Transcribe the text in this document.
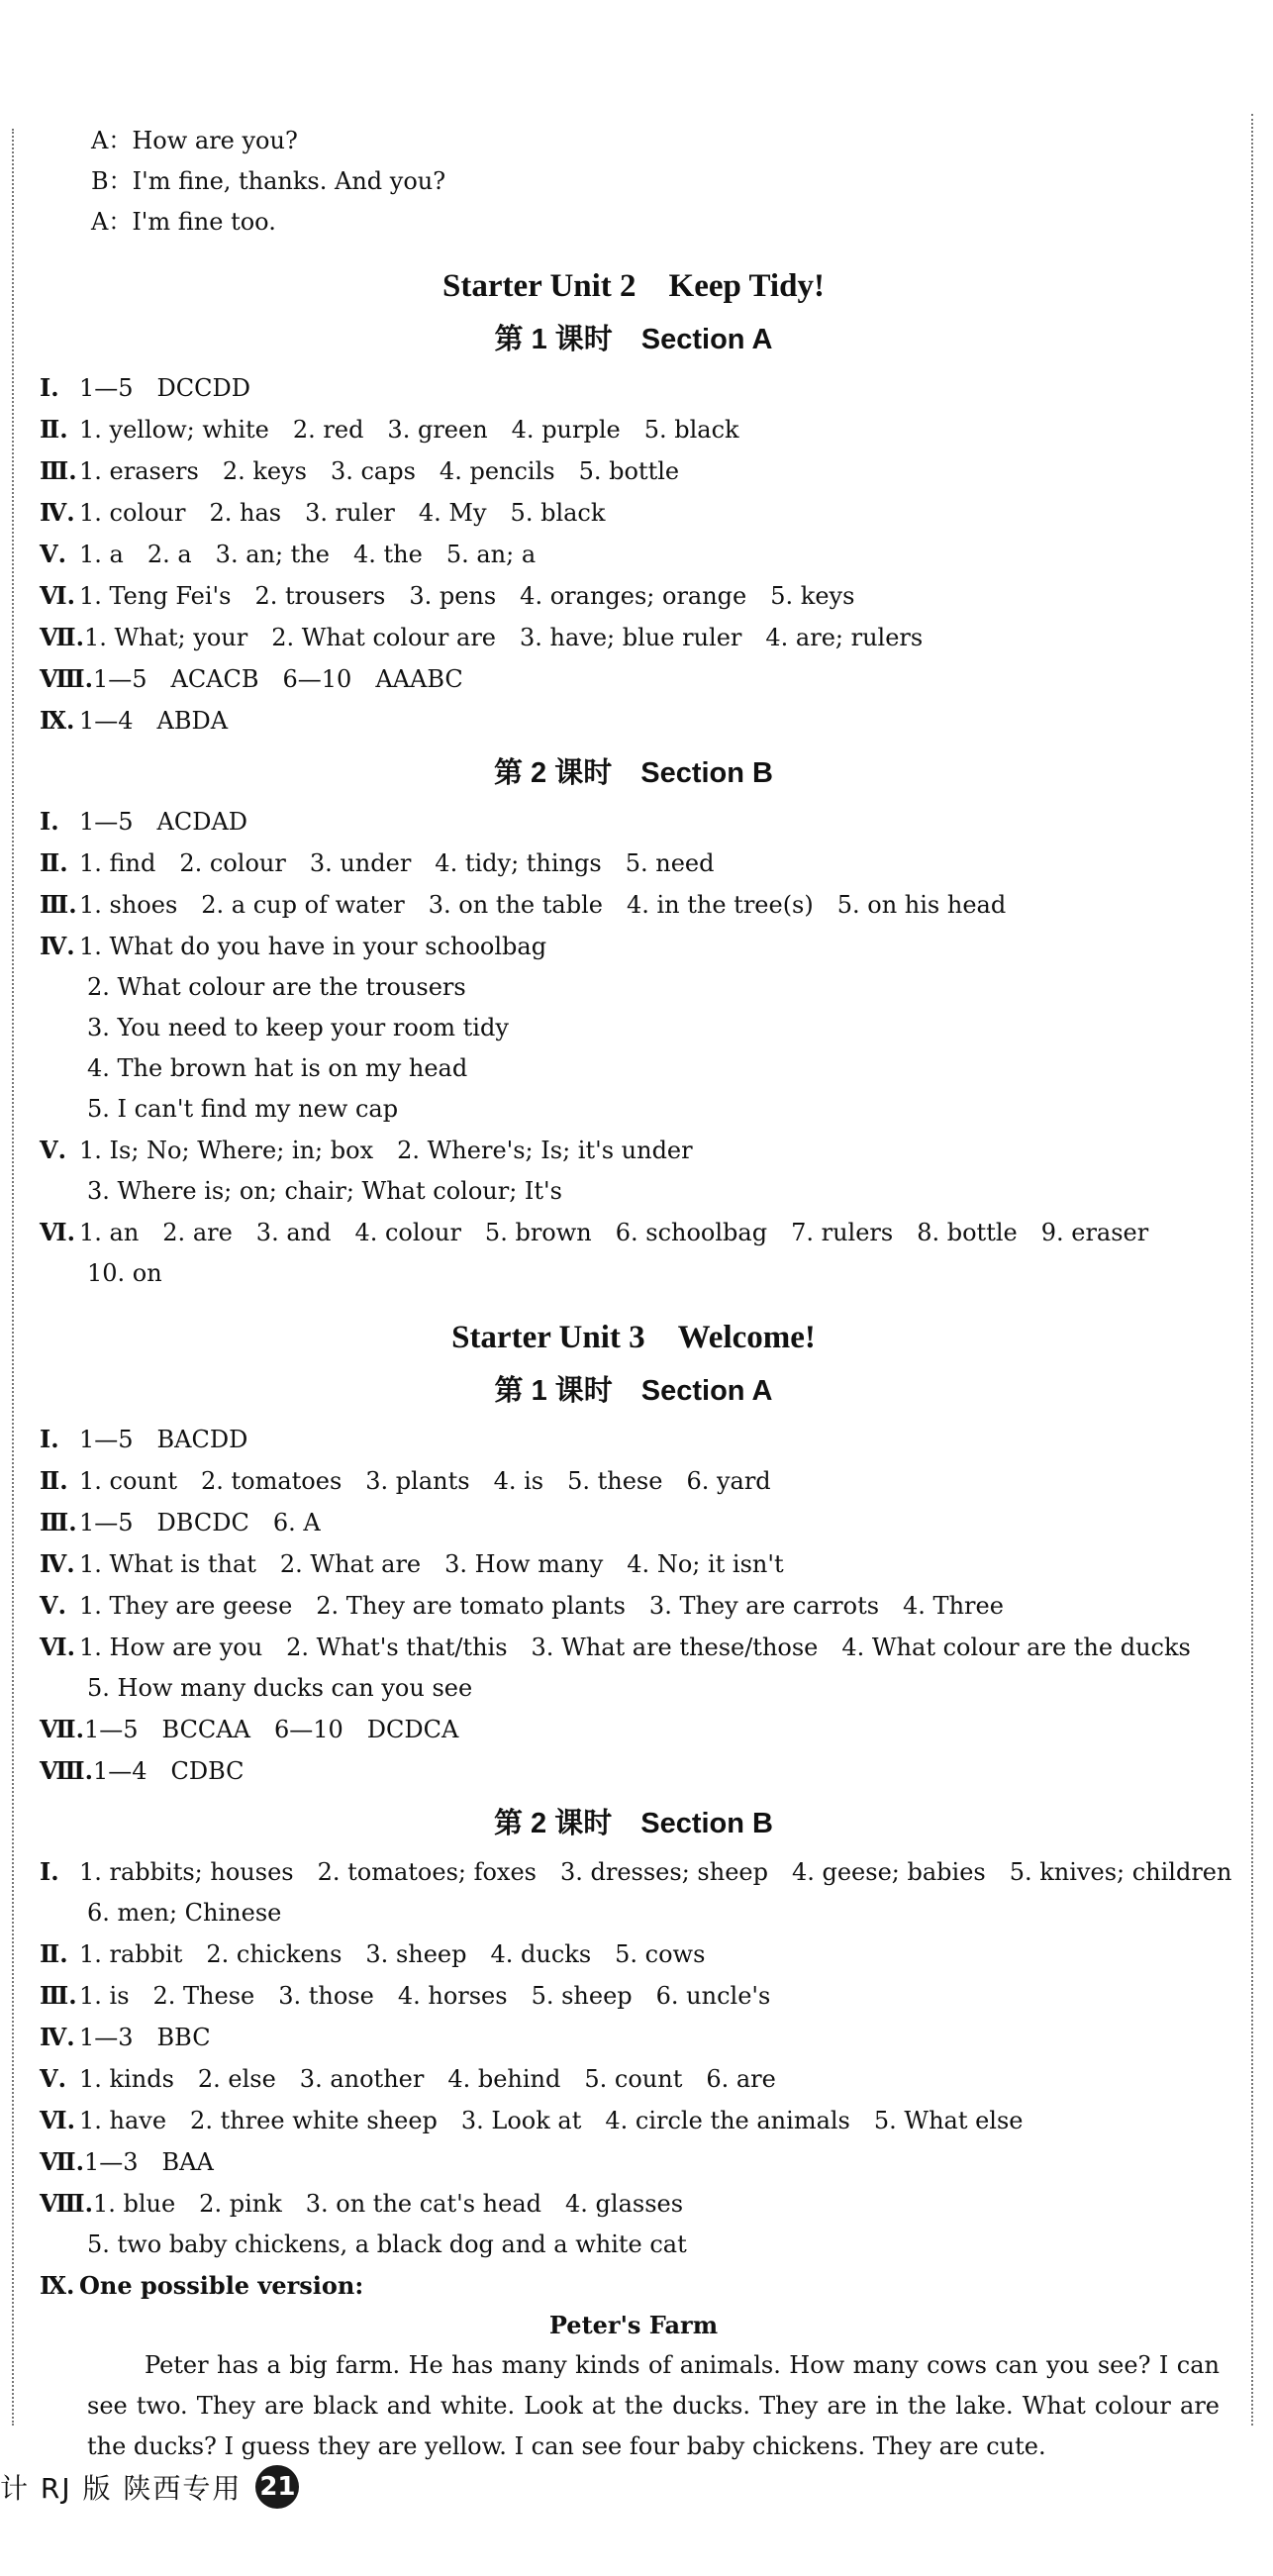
A：How are you?
B：I'm fine, thanks. And you?
A：I'm fine too.
Starter Unit 2　Keep Tidy!
第 1 课时　Section A
Ⅰ. 1—5　DCCDD
Ⅱ. 1. yellow; white　2. red　3. green　4. purple　5. black
Ⅲ. 1. erasers　2. keys　3. caps　4. pencils　5. bottle
Ⅳ. 1. colour　2. has　3. ruler　4. My　5. black
Ⅴ. 1. a　2. a　3. an; the　4. the　5. an; a
Ⅵ. 1. Teng Fei's　2. trousers　3. pens　4. oranges; orange　5. keys
Ⅶ.1. What; your　2. What colour are　3. have; blue ruler　4. are; rulers
Ⅷ.1—5　ACACB　6—10　AAABC
Ⅸ. 1—4　ABDA
第 2 课时　Section B
Ⅰ. 1—5　ACDAD
Ⅱ. 1. find　2. colour　3. under　4. tidy; things　5. need
Ⅲ. 1. shoes　2. a cup of water　3. on the table　4. in the tree(s)　5. on his head
Ⅳ. 1. What do you have in your schoolbag
2. What colour are the trousers
3. You need to keep your room tidy
4. The brown hat is on my head
5. I can't find my new cap
Ⅴ. 1. Is; No; Where; in; box　2. Where's; Is; it's under
3. Where is; on; chair; What colour; It's
Ⅵ. 1. an　2. are　3. and　4. colour　5. brown　6. schoolbag　7. rulers　8. bottle　9. eraser
10. on
Starter Unit 3　Welcome!
第 1 课时　Section A
Ⅰ. 1—5　BACDD
Ⅱ. 1. count　2. tomatoes　3. plants　4. is　5. these　6. yard
Ⅲ. 1—5　DBCDC　6. A
Ⅳ. 1. What is that　2. What are　3. How many　4. No; it isn't
Ⅴ. 1. They are geese　2. They are tomato plants　3. They are carrots　4. Three
Ⅵ. 1. How are you　2. What's that/this　3. What are these/those　4. What colour are the ducks
5. How many ducks can you see
Ⅶ.1—5　BCCAA　6—10　DCDCA
Ⅷ.1—4　CDBC
第 2 课时　Section B
Ⅰ. 1. rabbits; houses　2. tomatoes; foxes　3. dresses; sheep　4. geese; babies　5. knives; children
6. men; Chinese
Ⅱ. 1. rabbit　2. chickens　3. sheep　4. ducks　5. cows
Ⅲ. 1. is　2. These　3. those　4. horses　5. sheep　6. uncle's
Ⅳ. 1—3　BBC
Ⅴ. 1. kinds　2. else　3. another　4. behind　5. count　6. are
Ⅵ. 1. have　2. three white sheep　3. Look at　4. circle the animals　5. What else
Ⅶ.1—3　BAA
Ⅷ.1. blue　2. pink　3. on the cat's head　4. glasses
5. two baby chickens, a black dog and a white cat
Ⅸ. One possible version:
Peter's Farm
Peter has a big farm. He has many kinds of animals. How many cows can you see? I can see two. They are black and white. Look at the ducks. They are in the lake. What colour are the ducks? I guess they are yellow. I can see four baby chickens. They are cute.
计 RJ 版 陕西专用 21
